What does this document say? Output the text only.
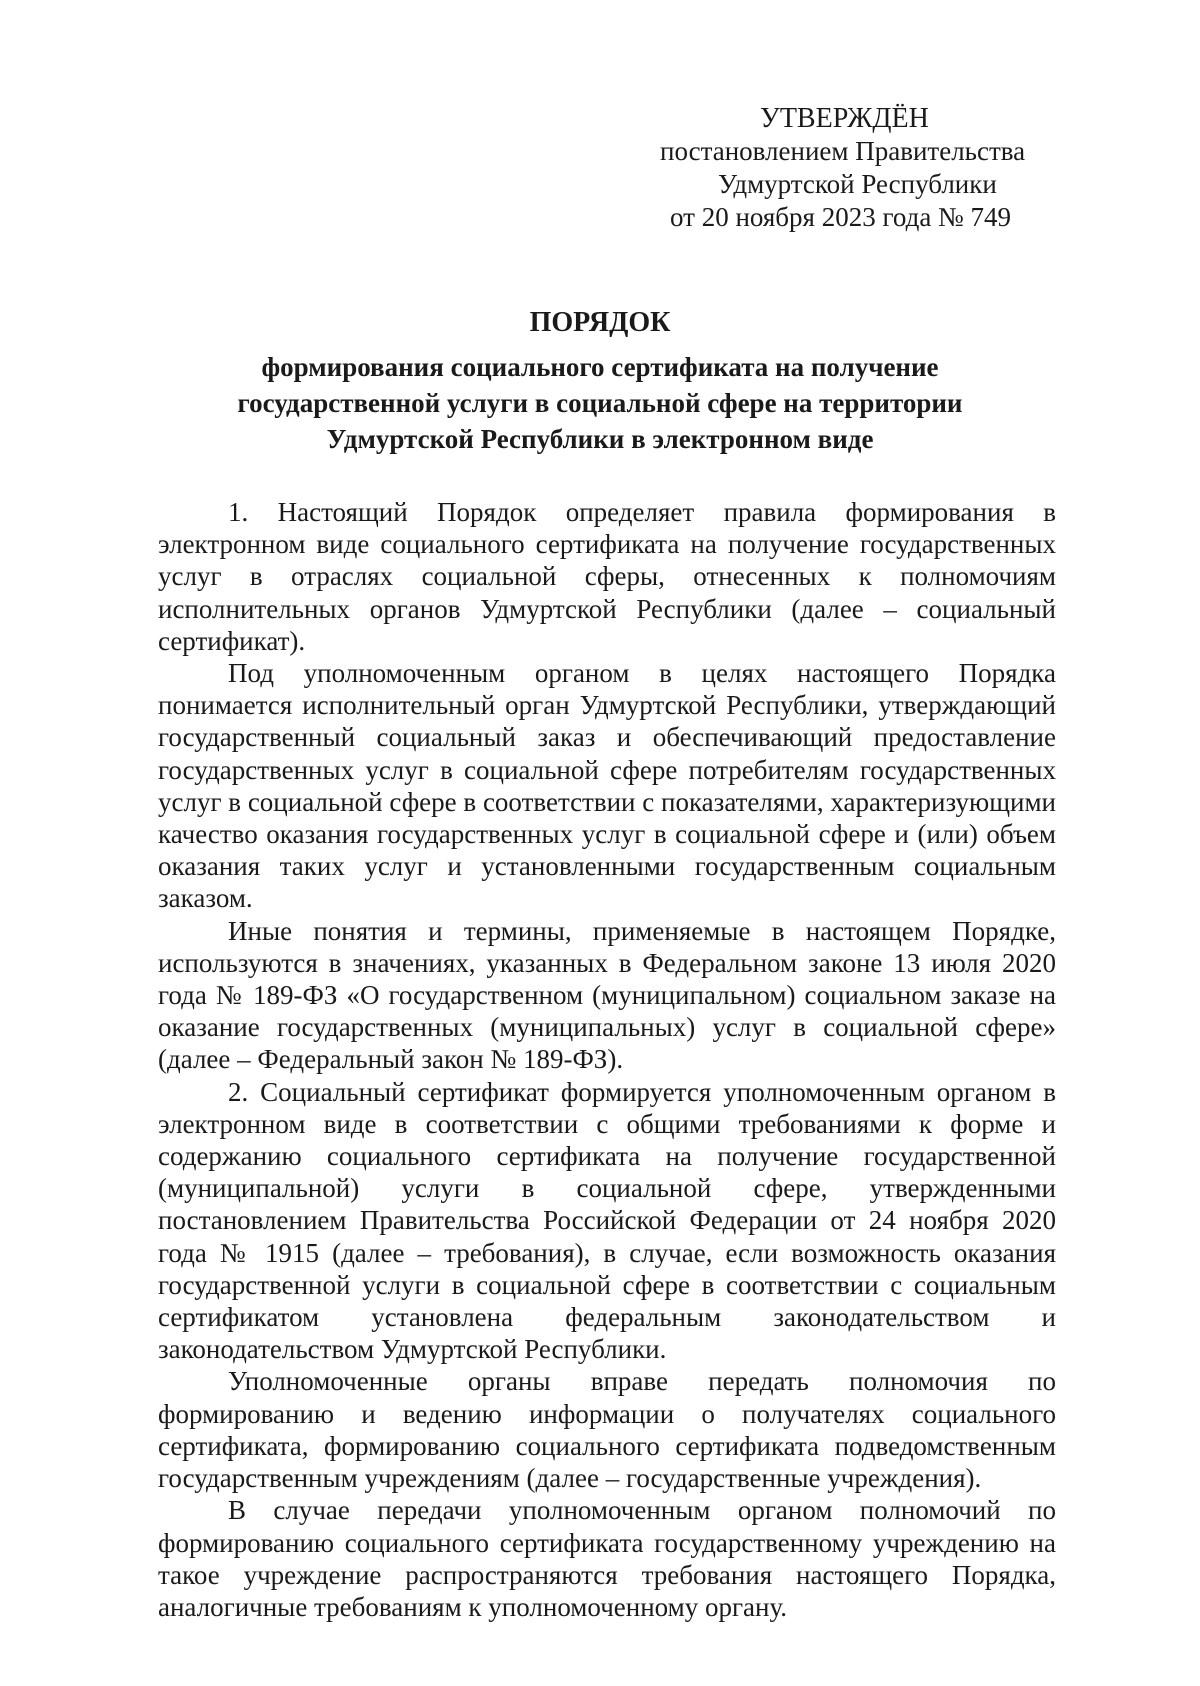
УТВЕРЖДЁН
постановлением Правительства
Удмуртской Республики
от 20 ноября 2023 года № 749
ПОРЯДОК
формирования социального сертификата на получение
государственной услуги в социальной сфере на территории
Удмуртской Республики в электронном виде

1. Настоящий Порядок определяет правила формирования в электронном виде социального сертификата на получение государственных услуг в отраслях социальной сферы, отнесенных к полномочиям исполнительных органов Удмуртской Республики (далее – социальный сертификат).

Под уполномоченным органом в целях настоящего Порядка понимается исполнительный орган Удмуртской Республики, утверждающий государственный социальный заказ и обеспечивающий предоставление государственных услуг в социальной сфере потребителям государственных услуг в социальной сфере в соответствии с показателями, характеризующими качество оказания государственных услуг в социальной сфере и (или) объем оказания таких услуг и установленными государственным социальным заказом.

Иные понятия и термины, применяемые в настоящем Порядке, используются в значениях, указанных в Федеральном законе 13 июля 2020 года № 189-ФЗ «О государственном (муниципальном) социальном заказе на оказание государственных (муниципальных) услуг в социальной сфере» (далее – Федеральный закон № 189-ФЗ).

2. Социальный сертификат формируется уполномоченным органом в электронном виде в соответствии с общими требованиями к форме и содержанию социального сертификата на получение государственной (муниципальной) услуги в социальной сфере, утвержденными постановлением Правительства Российской Федерации от 24 ноября 2020 года № 1915 (далее – требования), в случае, если возможность оказания государственной услуги в социальной сфере в соответствии с социальным сертификатом установлена федеральным законодательством и законодательством Удмуртской Республики.

Уполномоченные органы вправе передать полномочия по формированию и ведению информации о получателях социального сертификата, формированию социального сертификата подведомственным государственным учреждениям (далее – государственные учреждения).

В случае передачи уполномоченным органом полномочий по формированию социального сертификата государственному учреждению на такое учреждение распространяются требования настоящего Порядка, аналогичные требованиям к уполномоченному органу.
